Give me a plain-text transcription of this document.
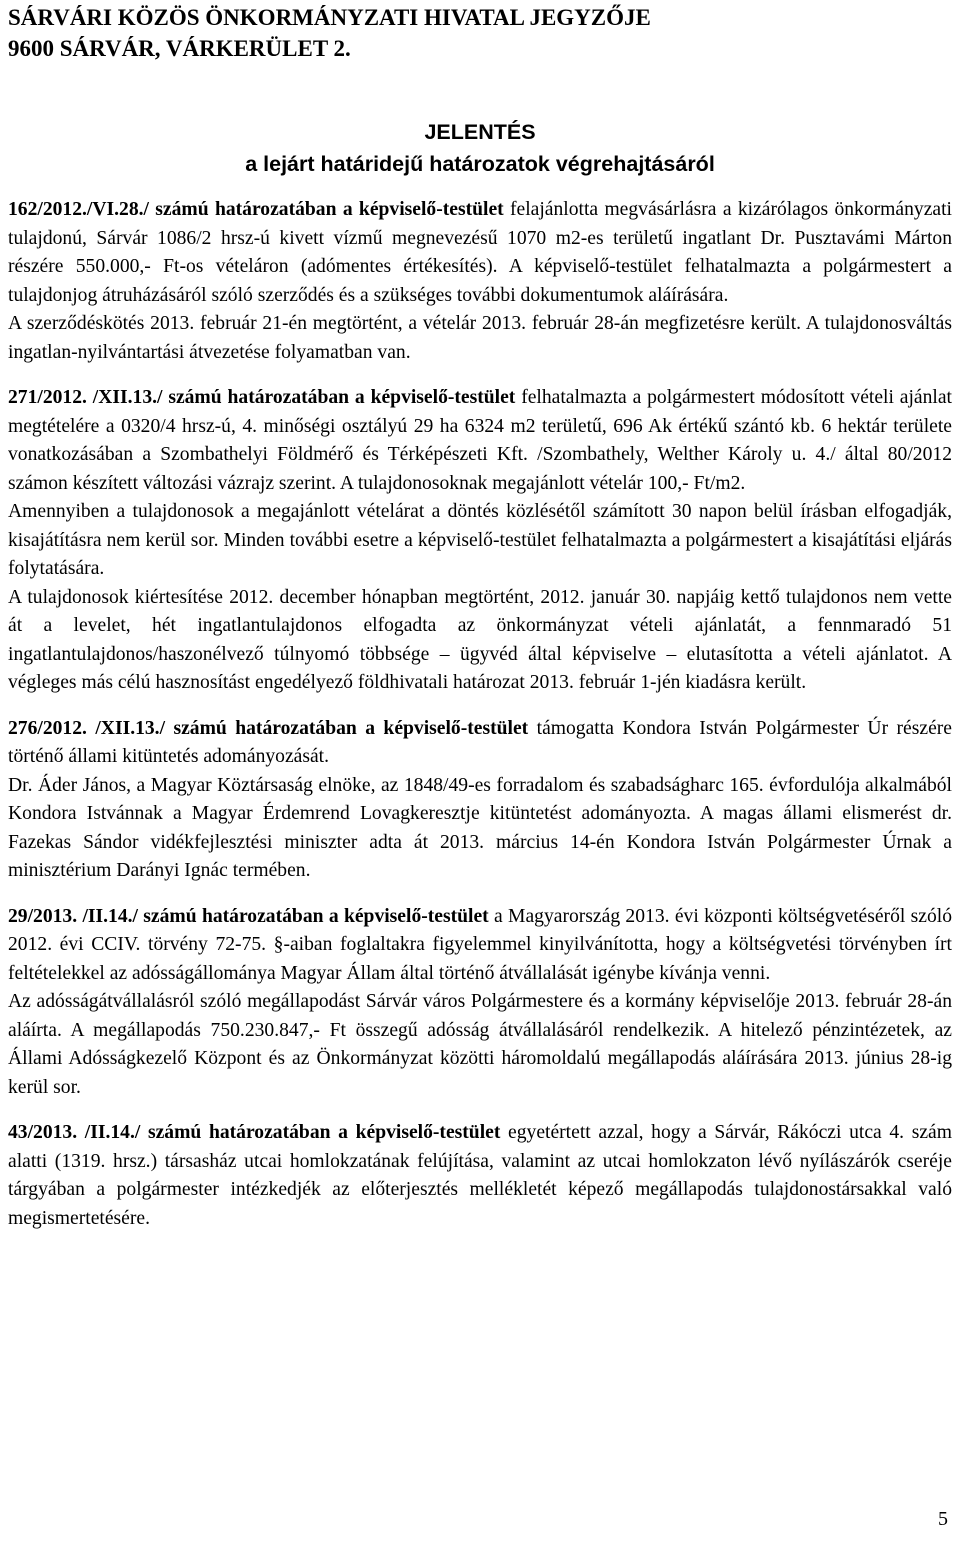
SÁRVÁRI KÖZÖS ÖNKORMÁNYZATI HIVATAL JEGYZŐJE

9600 SÁRVÁR, VÁRKERÜLET 2.

JELENTÉS
a lejárt határidejű határozatok végrehajtásáról

162/2012./VI.28./ számú határozatában a képviselő-testület felajánlotta megvásárlásra a kizárólagos önkormányzati tulajdonú, Sárvár 1086/2 hrsz-ú kivett vízmű megnevezésű 1070 m2-es területű ingatlant Dr. Pusztavámi Márton részére 550.000,- Ft-os vételáron (adómentes értékesítés). A képviselő-testület felhatalmazta a polgármestert a tulajdonjog átruházásáról szóló szerződés és a szükséges további dokumentumok aláírására.

A szerződéskötés 2013. február 21-én megtörtént, a vételár 2013. február 28-án megfizetésre került. A tulajdonosváltás ingatlan-nyilvántartási átvezetése folyamatban van.

271/2012. /XII.13./ számú határozatában a képviselő-testület felhatalmazta a polgármestert módosított vételi ajánlat megtételére a 0320/4 hrsz-ú, 4. minőségi osztályú 29 ha 6324 m2 területű, 696 Ak értékű szántó kb. 6 hektár területe vonatkozásában a Szombathelyi Földmérő és Térképészeti Kft. /Szombathely, Welther Károly u. 4./ által 80/2012 számon készített változási vázrajz szerint. A tulajdonosoknak megajánlott vételár 100,- Ft/m2.

Amennyiben a tulajdonosok a megajánlott vételárat a döntés közlésétől számított 30 napon belül írásban elfogadják, kisajátításra nem kerül sor. Minden további esetre a képviselő-testület felhatalmazta a polgármestert a kisajátítási eljárás folytatására.

A tulajdonosok kiértesítése 2012. december hónapban megtörtént, 2012. január 30. napjáig kettő tulajdonos nem vette át a levelet, hét ingatlantulajdonos elfogadta az önkormányzat vételi ajánlatát, a fennmaradó 51 ingatlantulajdonos/haszonélvező túlnyomó többsége – ügyvéd által képviselve – elutasította a vételi ajánlatot. A végleges más célú hasznosítást engedélyező földhivatali határozat 2013. február 1-jén kiadásra került.

276/2012. /XII.13./ számú határozatában a képviselő-testület támogatta Kondora István Polgármester Úr részére történő állami kitüntetés adományozását.

Dr. Áder János, a Magyar Köztársaság elnöke, az 1848/49-es forradalom és szabadságharc 165. évfordulója alkalmából Kondora Istvánnak a Magyar Érdemrend Lovagkeresztje kitüntetést adományozta. A magas állami elismerést dr. Fazekas Sándor vidékfejlesztési miniszter adta át 2013. március 14-én Kondora István Polgármester Úrnak a minisztérium Darányi Ignác termében.

29/2013. /II.14./ számú határozatában a képviselő-testület a Magyarország 2013. évi központi költségvetéséről szóló 2012. évi CCIV. törvény 72-75. §-aiban foglaltakra figyelemmel kinyilvánította, hogy a költségvetési törvényben írt feltételekkel az adósságállománya Magyar Állam által történő átvállalását igénybe kívánja venni.

Az adósságátvállalásról szóló megállapodást Sárvár város Polgármestere és a kormány képviselője 2013. február 28-án aláírta. A megállapodás 750.230.847,- Ft összegű adósság átvállalásáról rendelkezik. A hitelező pénzintézetek, az Állami Adósságkezelő Központ és az Önkormányzat közötti háromoldalú megállapodás aláírására 2013. június 28-ig kerül sor.

43/2013. /II.14./ számú határozatában a képviselő-testület egyetértett azzal, hogy a Sárvár, Rákóczi utca 4. szám alatti (1319. hrsz.) társasház utcai homlokzatának felújítása, valamint az utcai homlokzaton lévő nyílászárók cseréje tárgyában a polgármester intézkedjék az előterjesztés mellékletét képező megállapodás tulajdonostársakkal való megismertetésére.

5
